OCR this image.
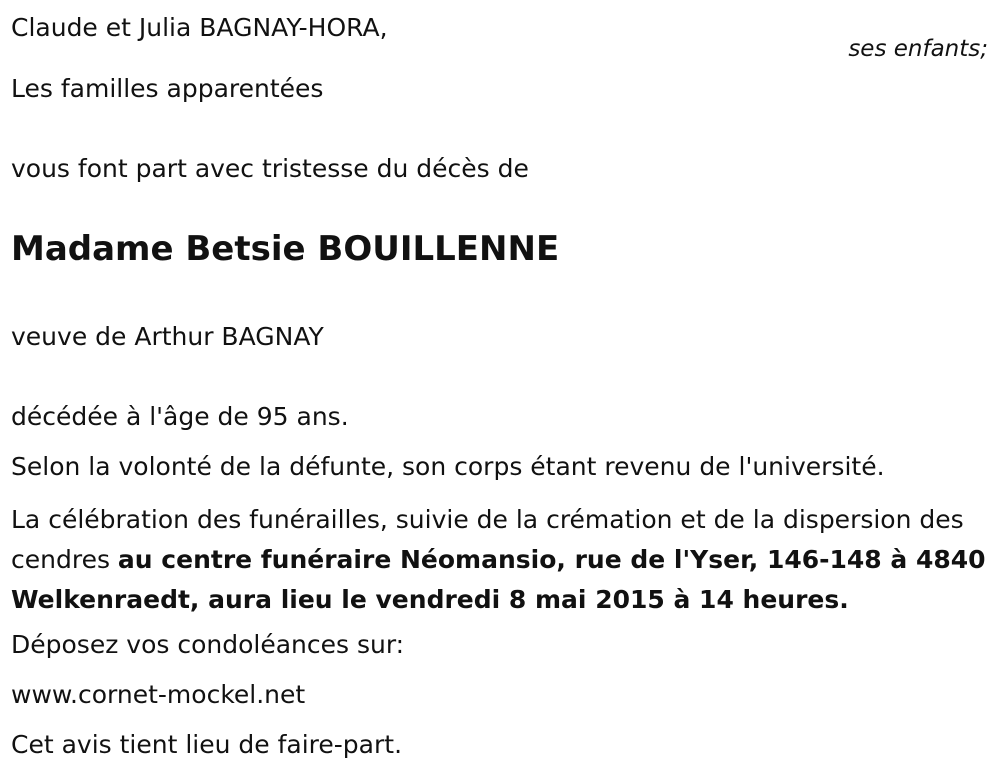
Claude et Julia BAGNAY-HORA,

ses enfants;

Les familles apparentées

vous font part avec tristesse du décès de

Madame Betsie BOUILLENNE

veuve de Arthur BAGNAY

décédée à l'âge de 95 ans.

Selon la volonté de la défunte, son corps étant revenu de l'université.

La célébration des funérailles, suivie de la crémation et de la dispersion des cendres au centre funéraire Néomansio, rue de l'Yser, 146-148 à 4840 Welkenraedt, aura lieu le vendredi 8 mai 2015 à 14 heures.

Déposez vos condoléances sur:

www.cornet-mockel.net

Cet avis tient lieu de faire-part.
